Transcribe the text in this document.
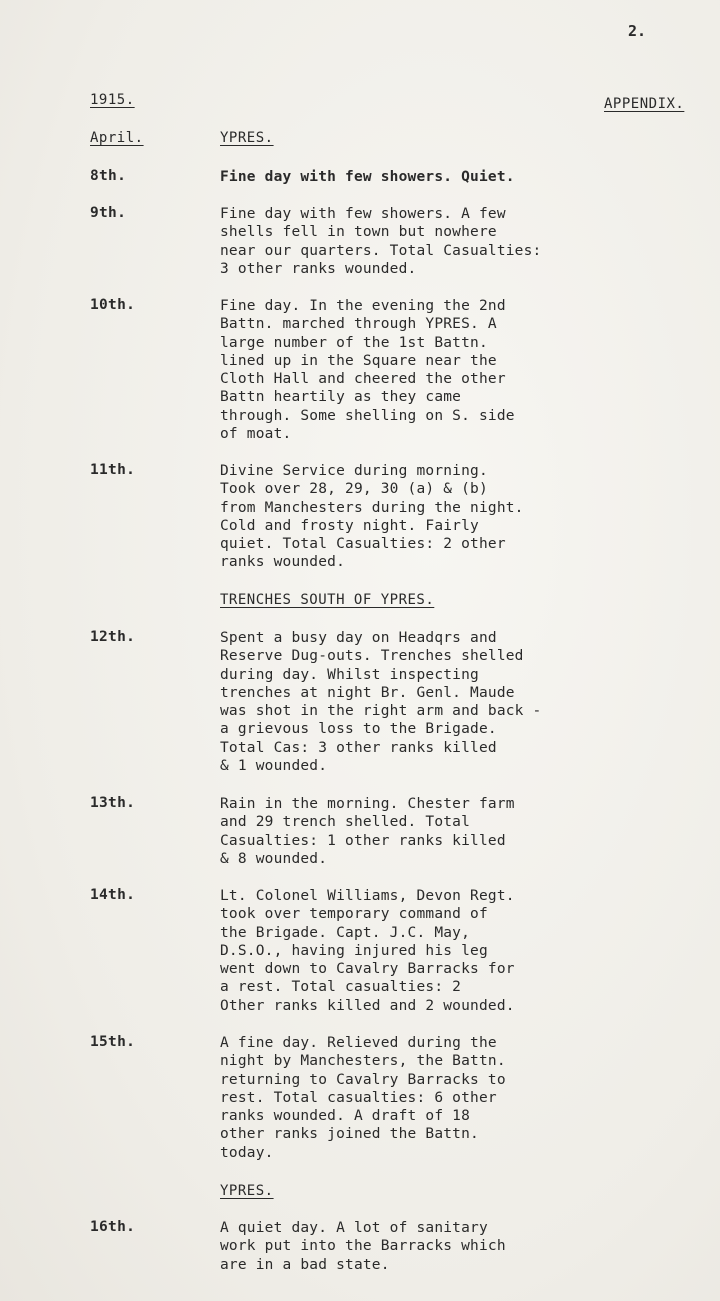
2.
1915.	APPENDIX.
April.	YPRES.
8th.	Fine day with few showers. Quiet.
9th.	Fine day with few showers. A few
shells fell in town but nowhere
near our quarters. Total Casualties:
3 other ranks wounded.
10th.	Fine day. In the evening the 2nd
Battn. marched through YPRES. A
large number of the 1st Battn.
lined up in the Square near the
Cloth Hall and cheered the other
Battn heartily as they came
through. Some shelling on S. side
of moat.
11th.	Divine Service during morning.
Took over 28, 29, 30 (a) & (b)
from Manchesters during the night.
Cold and frosty night. Fairly
quiet. Total Casualties: 2 other
ranks wounded.
TRENCHES SOUTH OF YPRES.
12th.	Spent a busy day on Headqrs and
Reserve Dug-outs. Trenches shelled
during day. Whilst inspecting
trenches at night Br. Genl. Maude
was shot in the right arm and back -
a grievous loss to the Brigade.
Total Cas: 3 other ranks killed
& 1 wounded.
13th.	Rain in the morning. Chester farm
and 29 trench shelled. Total
Casualties: 1 other ranks killed
& 8 wounded.
14th.	Lt. Colonel Williams, Devon Regt.
took over temporary command of
the Brigade. Capt. J.C. May,
D.S.O., having injured his leg
went down to Cavalry Barracks for
a rest. Total casualties: 2
Other ranks killed and 2 wounded.
15th.	A fine day. Relieved during the
night by Manchesters, the Battn.
returning to Cavalry Barracks to
rest. Total casualties: 6 other
ranks wounded. A draft of 18
other ranks joined the Battn.
today.
YPRES.
16th.	A quiet day. A lot of sanitary
work put into the Barracks which
are in a bad state.
